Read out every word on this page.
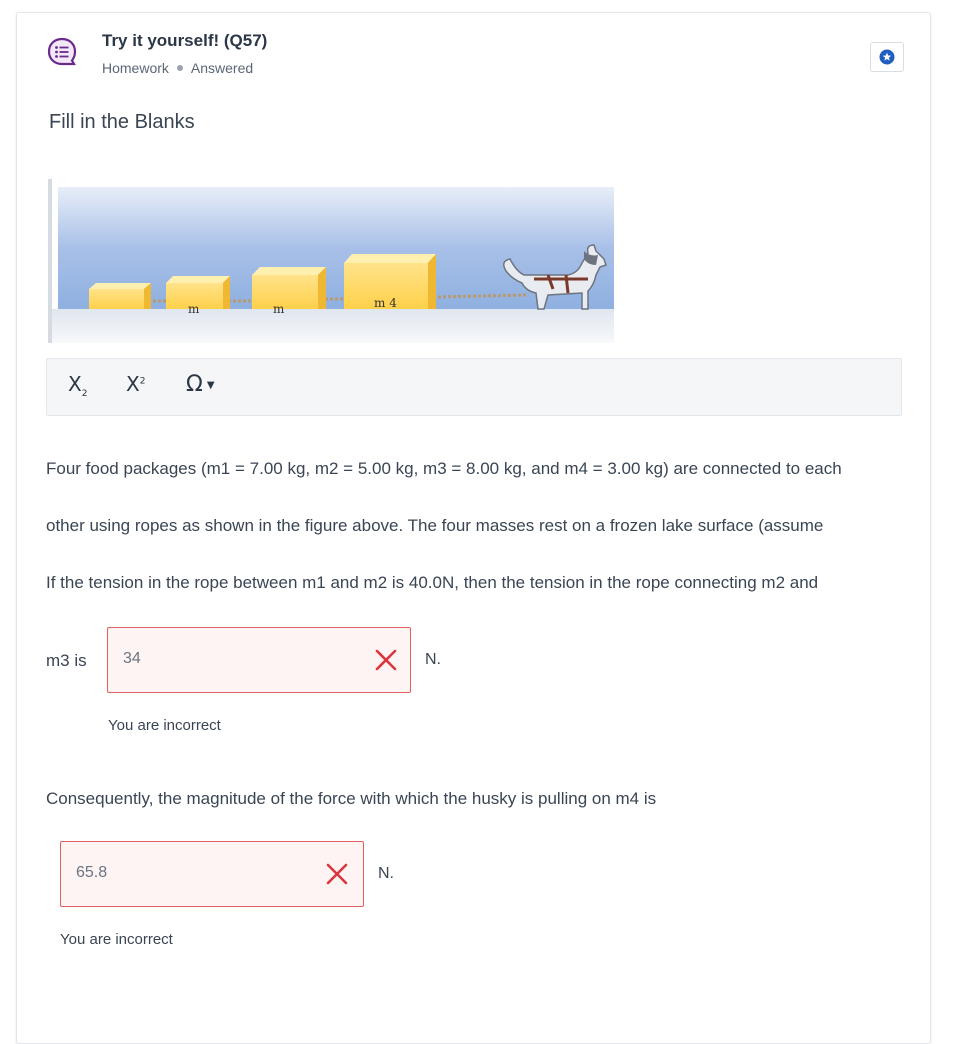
Try it yourself! (Q57)
Homework Answered
Fill in the Blanks
m	m	m 4
$X_2$ $X^2$ Ω ▼
Four food packages (m1 = 7.00 kg, m2 = 5.00 kg, m3 = 8.00 kg, and m4 = 3.00 kg) are connected to each
other using ropes as shown in the figure above. The four masses rest on a frozen lake surface (assume
If the tension in the rope between m1 and m2 is 40.0N, then the tension in the rope connecting m2 and
m3 is 34	N.
You are incorrect
Consequently, the magnitude of the force with which the husky is pulling on m4 is
65.8	N.
You are incorrect
